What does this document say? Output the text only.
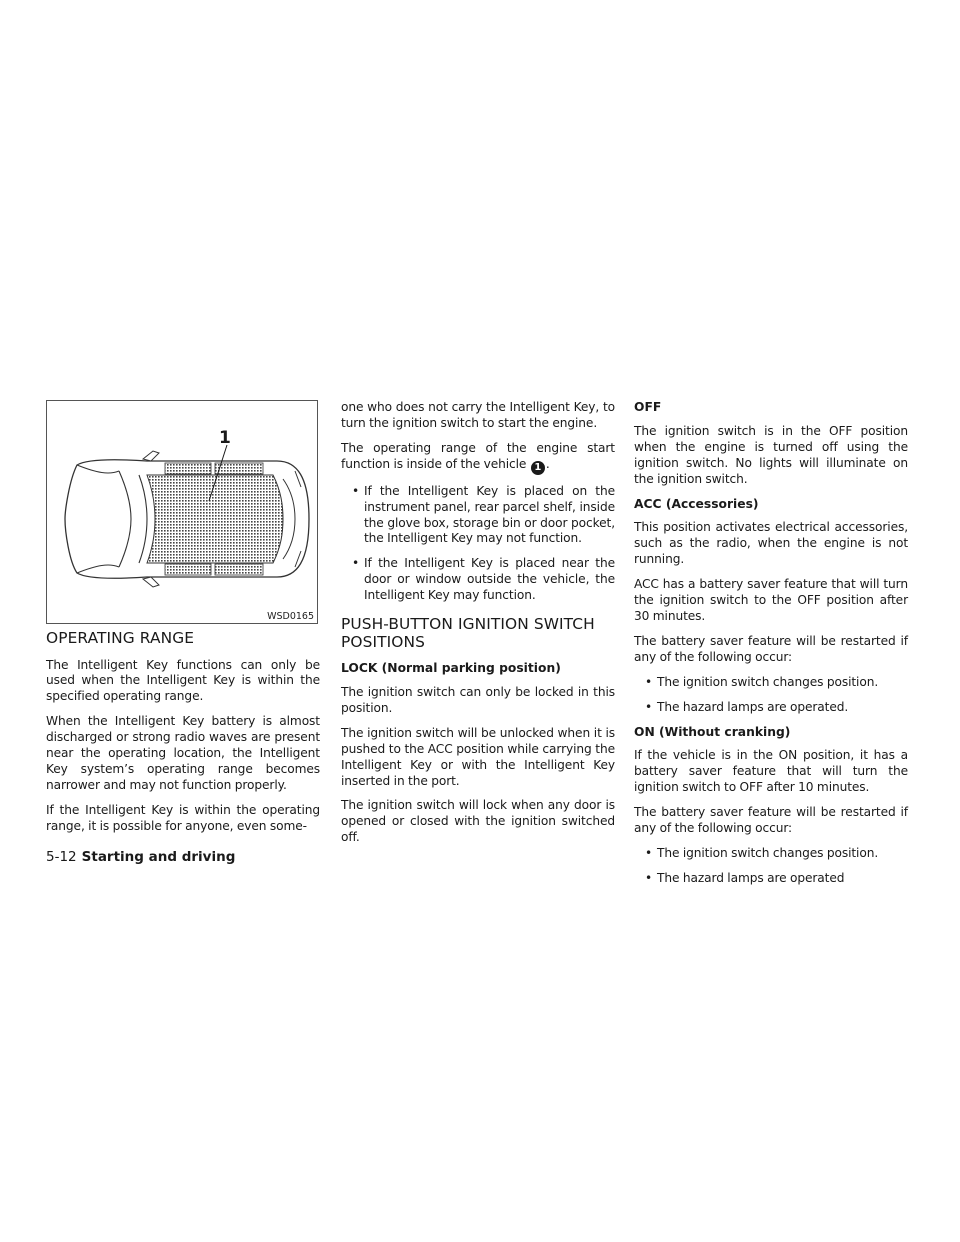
1
WSD0165
OPERATING RANGE

The Intelligent Key functions can only be used when the Intelligent Key is within the specified operating range.

When the Intelligent Key battery is almost discharged or strong radio waves are present near the operating location, the Intelligent Key system’s operating range becomes narrower and may not function properly.

If the Intelligent Key is within the operating range, it is possible for anyone, even some-

one who does not carry the Intelligent Key, to turn the ignition switch to start the engine.

The operating range of the engine start function is inside of the vehicle 1 .

• If the Intelligent Key is placed on the instrument panel, rear parcel shelf, inside the glove box, storage bin or door pocket, the Intelligent Key may not function.

• If the Intelligent Key is placed near the door or window outside the vehicle, the Intelligent Key may function.

PUSH-BUTTON IGNITION SWITCH POSITIONS

LOCK (Normal parking position)

The ignition switch can only be locked in this position.

The ignition switch will be unlocked when it is pushed to the ACC position while carrying the Intelligent Key or with the Intelligent Key inserted in the port.

The ignition switch will lock when any door is opened or closed with the ignition switched off.

OFF

The ignition switch is in the OFF position when the engine is turned off using the ignition switch. No lights will illuminate on the ignition switch.

ACC (Accessories)

This position activates electrical accessories, such as the radio, when the engine is not running.

ACC has a battery saver feature that will turn the ignition switch to the OFF position after 30 minutes.

The battery saver feature will be restarted if any of the following occur:

• The ignition switch changes position.

• The hazard lamps are operated.

ON (Without cranking)

If the vehicle is in the ON position, it has a battery saver feature that will turn the ignition switch to OFF after 10 minutes.

The battery saver feature will be restarted if any of the following occur:

• The ignition switch changes position.

• The hazard lamps are operated

5-12 Starting and driving
